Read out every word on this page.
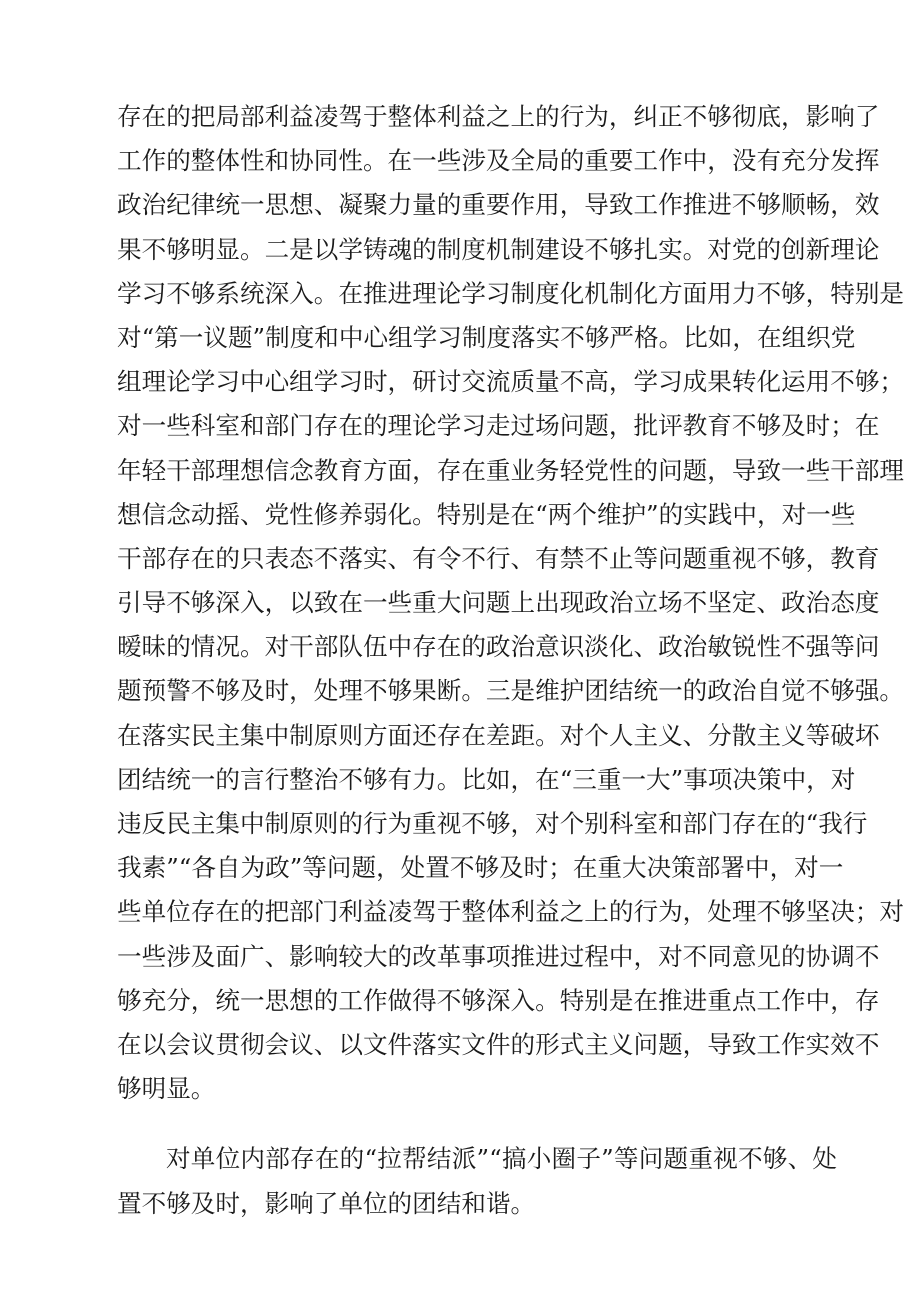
存在的把局部利益凌驾于整体利益之上的行为，纠正不够彻底，影响了
工作的整体性和协同性。在一些涉及全局的重要工作中，没有充分发挥
政治纪律统一思想、凝聚力量的重要作用，导致工作推进不够顺畅，效
果不够明显。二是以学铸魂的制度机制建设不够扎实。对党的创新理论
学习不够系统深入。在推进理论学习制度化机制化方面用力不够，特别是
对“第一议题”制度和中心组学习制度落实不够严格。比如，在组织党
组理论学习中心组学习时，研讨交流质量不高，学习成果转化运用不够；
对一些科室和部门存在的理论学习走过场问题，批评教育不够及时；在
年轻干部理想信念教育方面，存在重业务轻党性的问题，导致一些干部理
想信念动摇、党性修养弱化。特别是在“两个维护”的实践中，对一些
干部存在的只表态不落实、有令不行、有禁不止等问题重视不够，教育
引导不够深入，以致在一些重大问题上出现政治立场不坚定、政治态度
暧昧的情况。对干部队伍中存在的政治意识淡化、政治敏锐性不强等问
题预警不够及时，处理不够果断。三是维护团结统一的政治自觉不够强。
在落实民主集中制原则方面还存在差距。对个人主义、分散主义等破坏
团结统一的言行整治不够有力。比如，在“三重一大”事项决策中，对
违反民主集中制原则的行为重视不够，对个别科室和部门存在的“我行
我素”“各自为政”等问题，处置不够及时；在重大决策部署中，对一
些单位存在的把部门利益凌驾于整体利益之上的行为，处理不够坚决；对
一些涉及面广、影响较大的改革事项推进过程中，对不同意见的协调不
够充分，统一思想的工作做得不够深入。特别是在推进重点工作中，存
在以会议贯彻会议、以文件落实文件的形式主义问题，导致工作实效不
够明显。
对单位内部存在的“拉帮结派”“搞小圈子”等问题重视不够、处
置不够及时，影响了单位的团结和谐。
